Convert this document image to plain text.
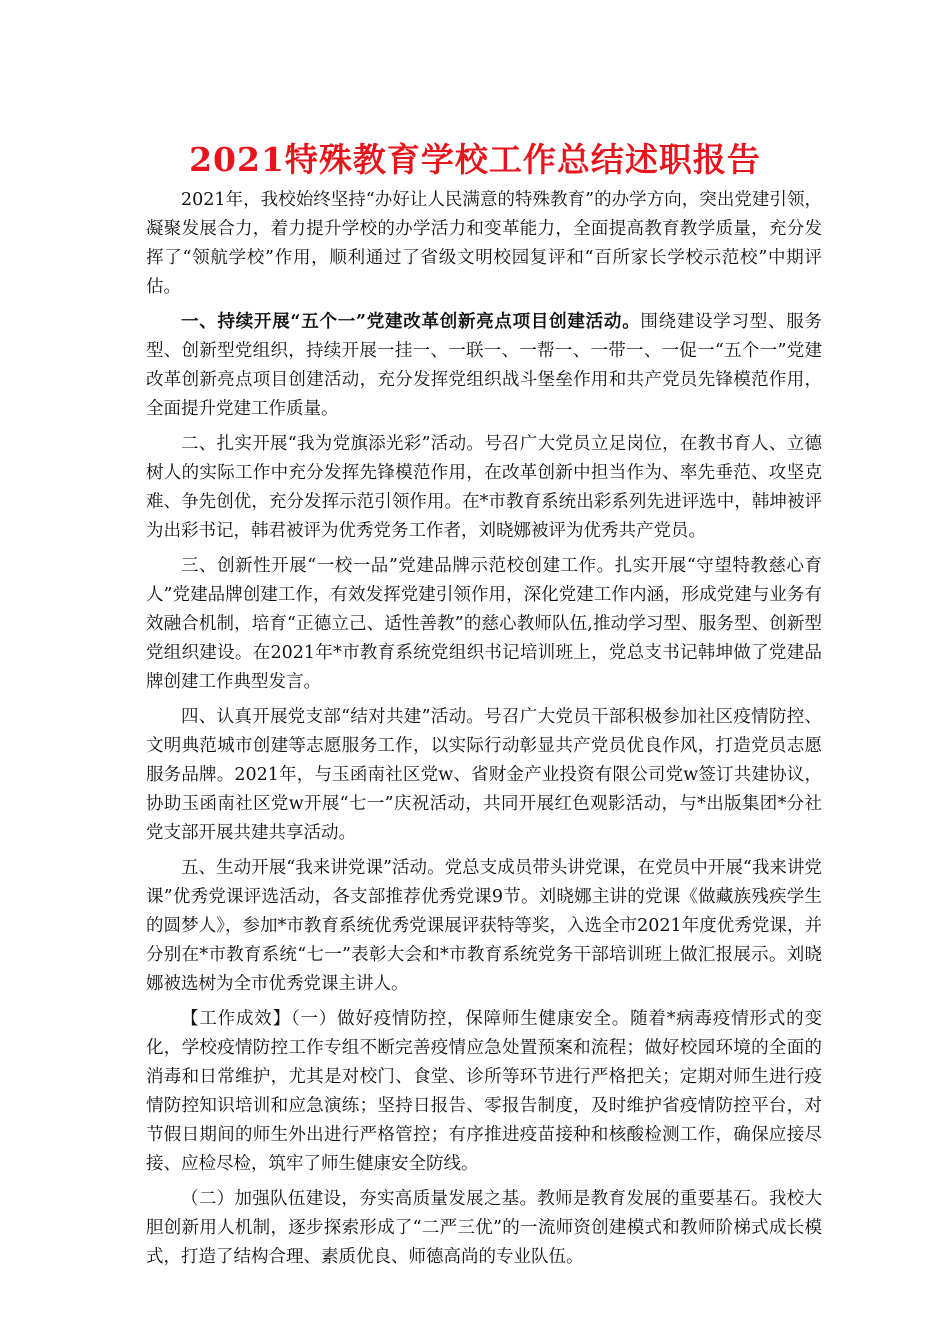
2021特殊教育学校工作总结述职报告

2021年，我校始终坚持“办好让人民满意的特殊教育”的办学方向，突出党建引领，凝聚发展合力，着力提升学校的办学活力和变革能力，全面提高教育教学质量，充分发挥了“领航学校”作用，顺利通过了省级文明校园复评和“百所家长学校示范校”中期评估。

一、持续开展“五个一”党建改革创新亮点项目创建活动。围绕建设学习型、服务型、创新型党组织，持续开展一挂一、一联一、一帮一、一带一、一促一“五个一”党建改革创新亮点项目创建活动，充分发挥党组织战斗堡垒作用和共产党员先锋模范作用，全面提升党建工作质量。

二、扎实开展“我为党旗添光彩”活动。号召广大党员立足岗位，在教书育人、立德树人的实际工作中充分发挥先锋模范作用，在改革创新中担当作为、率先垂范、攻坚克难、争先创优，充分发挥示范引领作用。在*市教育系统出彩系列先进评选中，韩坤被评为出彩书记，韩君被评为优秀党务工作者，刘晓娜被评为优秀共产党员。

三、创新性开展“一校一品”党建品牌示范校创建工作。扎实开展“守望特教慈心育人”党建品牌创建工作，有效发挥党建引领作用，深化党建工作内涵，形成党建与业务有效融合机制，培育“正德立己、适性善教”的慈心教师队伍,推动学习型、服务型、创新型党组织建设。在2021年*市教育系统党组织书记培训班上，党总支书记韩坤做了党建品牌创建工作典型发言。

四、认真开展党支部“结对共建”活动。号召广大党员干部积极参加社区疫情防控、文明典范城市创建等志愿服务工作，以实际行动彰显共产党员优良作风，打造党员志愿服务品牌。2021年，与玉函南社区党w、省财金产业投资有限公司党w签订共建协议，协助玉函南社区党w开展“七一”庆祝活动，共同开展红色观影活动，与*出版集团*分社党支部开展共建共享活动。

五、生动开展“我来讲党课”活动。党总支成员带头讲党课，在党员中开展“我来讲党课”优秀党课评选活动，各支部推荐优秀党课9节。刘晓娜主讲的党课《做藏族残疾学生的圆梦人》，参加*市教育系统优秀党课展评获特等奖，入选全市2021年度优秀党课，并分别在*市教育系统“七一”表彰大会和*市教育系统党务干部培训班上做汇报展示。刘晓娜被选树为全市优秀党课主讲人。

【工作成效】（一）做好疫情防控，保障师生健康安全。随着*病毒疫情形式的变化，学校疫情防控工作专组不断完善疫情应急处置预案和流程；做好校园环境的全面的消毒和日常维护，尤其是对校门、食堂、诊所等环节进行严格把关；定期对师生进行疫情防控知识培训和应急演练；坚持日报告、零报告制度，及时维护省疫情防控平台，对节假日期间的师生外出进行严格管控；有序推进疫苗接种和核酸检测工作，确保应接尽接、应检尽检，筑牢了师生健康安全防线。

（二）加强队伍建设，夯实高质量发展之基。教师是教育发展的重要基石。我校大胆创新用人机制，逐步探索形成了“二严三优”的一流师资创建模式和教师阶梯式成长模式，打造了结构合理、素质优良、师德高尚的专业队伍。
